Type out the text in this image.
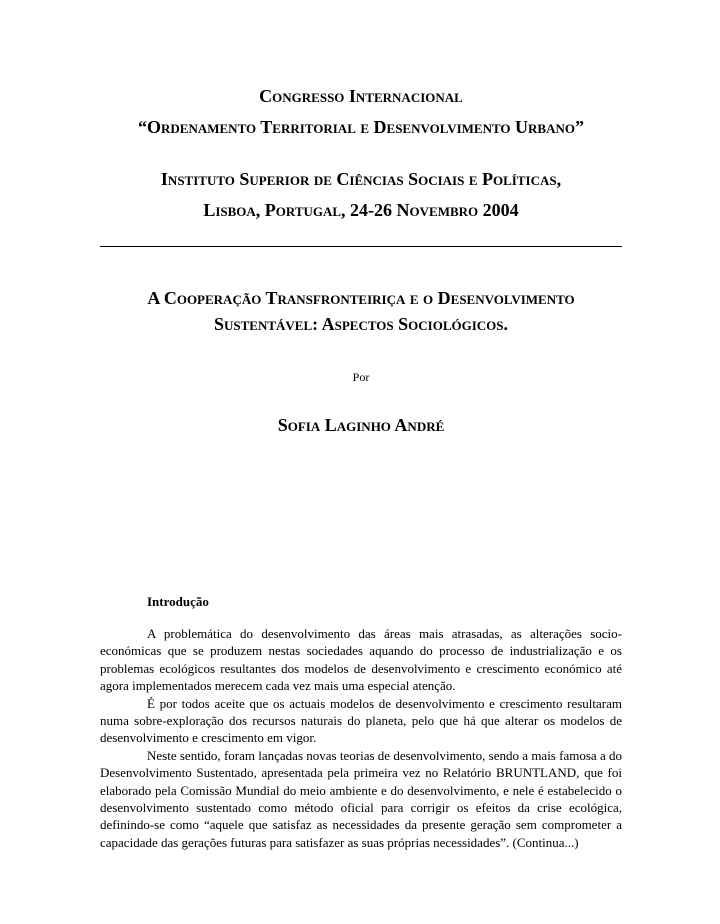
Congresso Internacional
“Ordenamento Territorial e Desenvolvimento Urbano”
Instituto Superior de Ciências Sociais e Políticas,
Lisboa, Portugal, 24-26 Novembro 2004
A Cooperação Transfronteiriça e o Desenvolvimento Sustentável: Aspectos Sociológicos.
Por
Sofia Laginho André
Introdução

A problemática do desenvolvimento das áreas mais atrasadas, as alterações socio-económicas que se produzem nestas sociedades aquando do processo de industrialização e os problemas ecológicos resultantes dos modelos de desenvolvimento e crescimento económico até agora implementados merecem cada vez mais uma especial atenção.

É por todos aceite que os actuais modelos de desenvolvimento e crescimento resultaram numa sobre-exploração dos recursos naturais do planeta, pelo que há que alterar os modelos de desenvolvimento e crescimento em vigor.

Neste sentido, foram lançadas novas teorias de desenvolvimento, sendo a mais famosa a do Desenvolvimento Sustentado, apresentada pela primeira vez no Relatório BRUNTLAND, que foi elaborado pela Comissão Mundial do meio ambiente e do desenvolvimento, e nele é estabelecido o desenvolvimento sustentado como método oficial para corrigir os efeitos da crise ecológica, definindo-se como “aquele que satisfaz as necessidades da presente geração sem comprometer a capacidade das gerações futuras para satisfazer as suas próprias necessidades”. (Continua...)
